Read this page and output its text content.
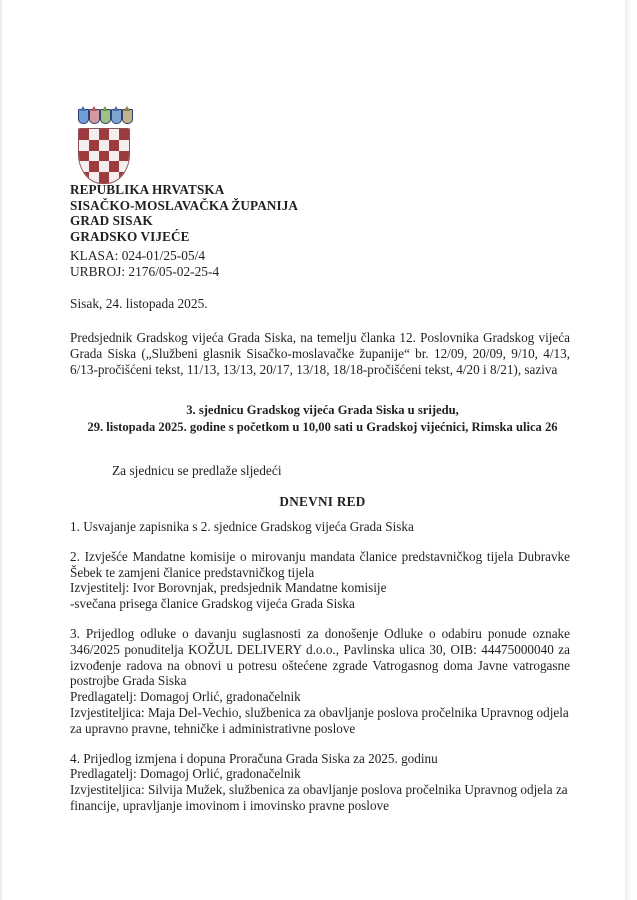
REPUBLIKA HRVATSKA
SISAČKO-MOSLAVAČKA ŽUPANIJA
GRAD SISAK
GRADSKO VIJEĆE
KLASA: 024-01/25-05/4
URBROJ: 2176/05-02-25-4
Sisak, 24. listopada 2025.
Predsjednik Gradskog vijeća Grada Siska, na temelju članka 12. Poslovnika Gradskog vijeća Grada Siska („Službeni glasnik Sisačko-moslavačke županije“ br. 12/09, 20/09, 9/10, 4/13, 6/13-pročišćeni tekst, 11/13, 13/13, 20/17, 13/18, 18/18-pročišćeni tekst, 4/20 i 8/21), saziva
3. sjednicu Gradskog vijeća Grada Siska u srijedu,
29. listopada 2025. godine s početkom u 10,00 sati u Gradskoj vijećnici, Rimska ulica 26
Za sjednicu se predlaže sljedeći
DNEVNI RED

1. Usvajanje zapisnika s 2. sjednice Gradskog vijeća Grada Siska

2. Izvješće Mandatne komisije o mirovanju mandata članice predstavničkog tijela Dubravke Šebek te zamjeni članice predstavničkog tijela

Izvjestitelj: Ivor Borovnjak, predsjednik Mandatne komisije

-svečana prisega članice Gradskog vijeća Grada Siska

3. Prijedlog odluke o davanju suglasnosti za donošenje Odluke o odabiru ponude oznake 346/2025 ponuditelja KOŽUL DELIVERY d.o.o., Pavlinska ulica 30, OIB: 44475000040 za izvođenje radova na obnovi u potresu oštećene zgrade Vatrogasnog doma Javne vatrogasne postrojbe Grada Siska

Predlagatelj: Domagoj Orlić, gradonačelnik

Izvjestiteljica: Maja Del-Vechio, službenica za obavljanje poslova pročelnika Upravnog odjela za upravno pravne, tehničke i administrativne poslove

4. Prijedlog izmjena i dopuna Proračuna Grada Siska za 2025. godinu

Predlagatelj: Domagoj Orlić, gradonačelnik

Izvjestiteljica: Silvija Mužek, službenica za obavljanje poslova pročelnika Upravnog odjela za financije, upravljanje imovinom i imovinsko pravne poslove
